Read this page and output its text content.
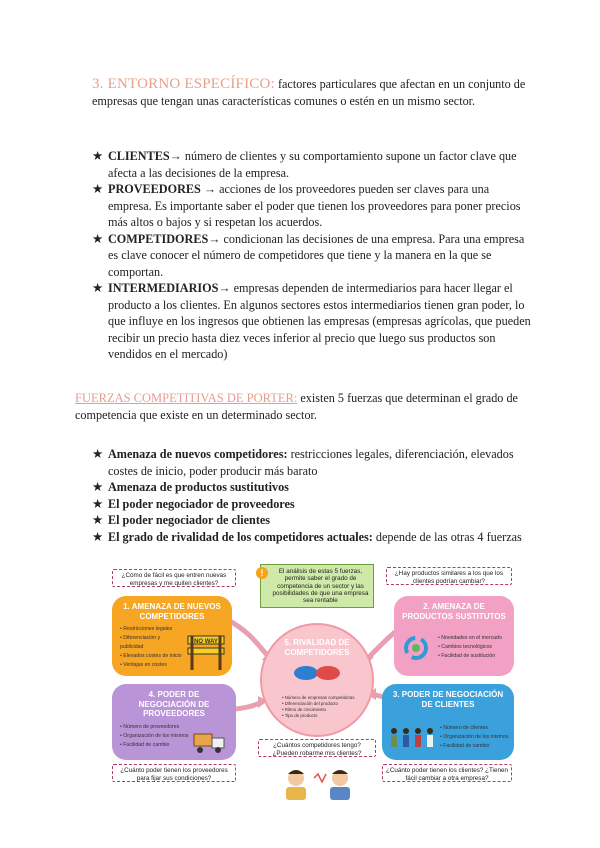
3. ENTORNO ESPECÍFICO: factores particulares que afectan en un conjunto de empresas que tengan unas características comunes o estén en un mismo sector.
★ CLIENTES→ número de clientes y su comportamiento supone un factor clave que afecta a las decisiones de la empresa.
★ PROVEEDORES → acciones de los proveedores pueden ser claves para una empresa. Es importante saber el poder que tienen los proveedores para poner precios más altos o bajos y si respetan los acuerdos.
★ COMPETIDORES→ condicionan las decisiones de una empresa. Para una empresa es clave conocer el número de competidores que tiene y la manera en la que se comportan.
★ INTERMEDIARIOS→ empresas dependen de intermediarios para hacer llegar el producto a los clientes. En algunos sectores estos intermediarios tienen gran poder, lo que influye en los ingresos que obtienen las empresas (empresas agrícolas, que pueden recibir un precio hasta diez veces inferior al precio que luego sus productos son vendidos en el mercado)
FUERZAS COMPETITIVAS DE PORTER: existen 5 fuerzas que determinan el grado de competencia que existe en un determinado sector.
★ Amenaza de nuevos competidores: restricciones legales, diferenciación, elevados costes de inicio, poder producir más barato
★ Amenaza de productos sustitutivos
★ El poder negociador de proveedores
★ El poder negociador de clientes
★ El grado de rivalidad de los competidores actuales: depende de las otras 4 fuerzas
¿Cómo de fácil es que entren nuevas empresas y me quiten clientes?
¿Hay productos similares a los que los clientes podrían cambiar?
!	El análisis de estas 5 fuerzas, permite saber el grado de competencia de un sector y las posibilidades de que una empresa sea rentable
1. AMENAZA DE NUEVOS COMPETIDORES
• Restricciones legales
• Diferenciación y publicidad
• Elevados costes de inicio
• Ventajas en costes
NO WAY
2. AMENAZA DE PRODUCTOS SUSTITUTOS
• Novedades en el mercado
• Cambios tecnológicos
• Facilidad de sustitución
5. RIVALIDAD DE COMPETIDORES
• Número de empresas competidoras
• Diferenciación del producto
• Ritmo de crecimiento
• Tipo de producto
4. PODER DE NEGOCIACIÓN DE PROVEEDORES
• Número de proveedores
• Organización de los mismos
• Facilidad de cambio
3. PODER DE NEGOCIACIÓN DE CLIENTES
• Número de clientes
• Organización de los mismos
• Facilidad de cambio
¿Cuántos competidores tengo? ¿Pueden robarme mis clientes?
¿Cuánto poder tienen los proveedores para fijar sus condiciones?
¿Cuánto poder tienen los clientes? ¿Tienen fácil cambiar a otra empresa?
